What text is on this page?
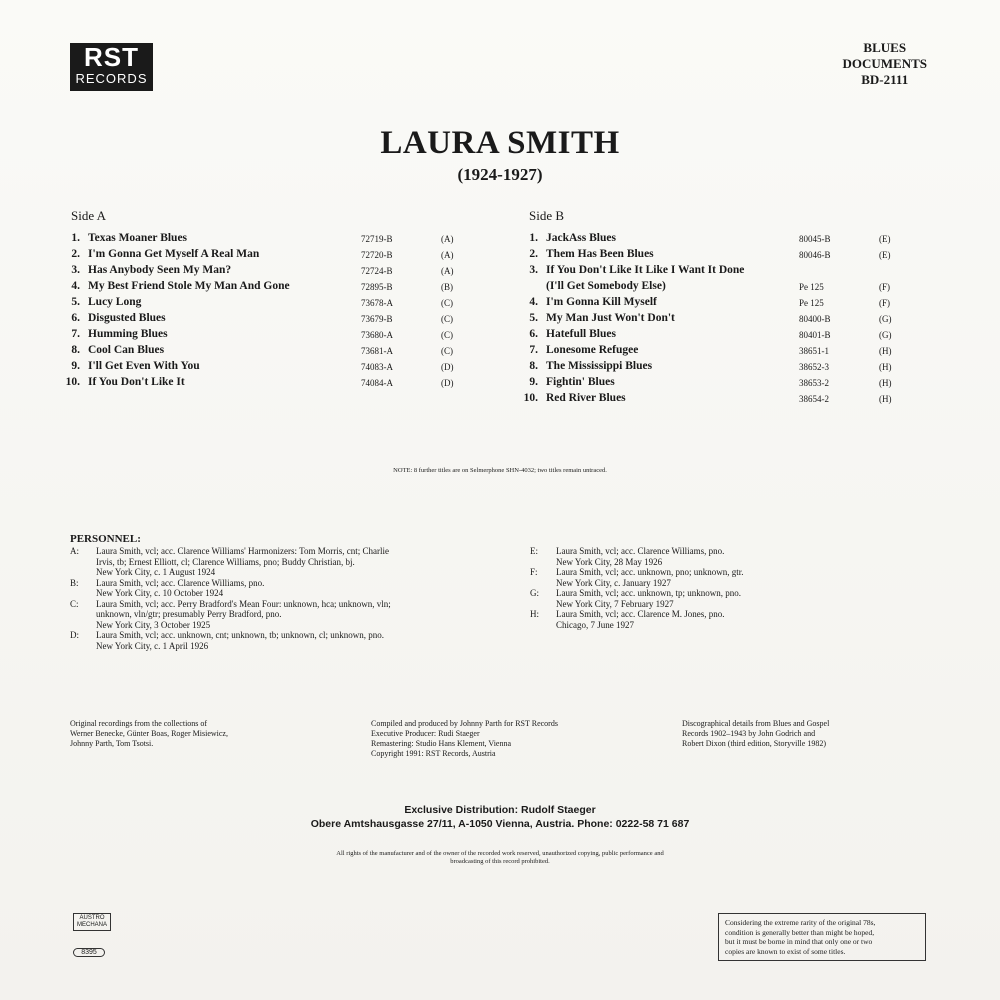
RST
RECORDS
BLUES
DOCUMENTS
BD-2111
LAURA SMITH
(1924-1927)
Side A	Side B
1. Texas Moaner Blues	72719-B	(A)
2. I'm Gonna Get Myself A Real Man	72720-B	(A)
3. Has Anybody Seen My Man?	72724-B	(A)
4. My Best Friend Stole My Man And Gone	72895-B	(B)
5. Lucy Long	73678-A	(C)
6. Disgusted Blues	73679-B	(C)
7. Humming Blues	73680-A	(C)
8. Cool Can Blues	73681-A	(C)
9. I'll Get Even With You	74083-A	(D)
10. If You Don't Like It	74084-A	(D)
1. JackAss Blues	80045-B	(E)
2. Them Has Been Blues	80046-B	(E)
3. If You Don't Like It Like I Want It Done
(I'll Get Somebody Else)	Pe 125	(F)
4. I'm Gonna Kill Myself	Pe 125	(F)
5. My Man Just Won't Don't	80400-B	(G)
6. Hatefull Blues	80401-B	(G)
7. Lonesome Refugee	38651-1	(H)
8. The Mississippi Blues	38652-3	(H)
9. Fightin' Blues	38653-2	(H)
10. Red River Blues	38654-2	(H)
NOTE: 8 further titles are on Selmerphone SHN-4032; two titles remain untraced.
PERSONNEL:
A: Laura Smith, vcl; acc. Clarence Williams' Harmonizers: Tom Morris, cnt; Charlie
Irvis, tb; Ernest Elliott, cl; Clarence Williams, pno; Buddy Christian, bj.
New York City, c. 1 August 1924
B: Laura Smith, vcl; acc. Clarence Williams, pno.
New York City, c. 10 October 1924
C: Laura Smith, vcl; acc. Perry Bradford's Mean Four: unknown, hca; unknown, vln;
unknown, vln/gtr; presumably Perry Bradford, pno.
New York City, 3 October 1925
D: Laura Smith, vcl; acc. unknown, cnt; unknown, tb; unknown, cl; unknown, pno.
New York City, c. 1 April 1926
E: Laura Smith, vcl; acc. Clarence Williams, pno.
New York City, 28 May 1926
F: Laura Smith, vcl; acc. unknown, pno; unknown, gtr.
New York City, c. January 1927
G: Laura Smith, vcl; acc. unknown, tp; unknown, pno.
New York City, 7 February 1927
H: Laura Smith, vcl; acc. Clarence M. Jones, pno.
Chicago, 7 June 1927
Original recordings from the collections of
Werner Benecke, Günter Boas, Roger Misiewicz,
Johnny Parth, Tom Tsotsi.
Compiled and produced by Johnny Parth for RST Records
Executive Producer: Rudi Staeger
Remastering: Studio Hans Klement, Vienna
Copyright 1991: RST Records, Austria
Discographical details from Blues and Gospel
Records 1902–1943 by John Godrich and
Robert Dixon (third edition, Storyville 1982)
Exclusive Distribution: Rudolf Staeger
Obere Amtshausgasse 27/11, A-1050 Vienna, Austria. Phone: 0222-58 71 687
All rights of the manufacturer and of the owner of the recorded work reserved, unauthorized copying, public performance and
broadcasting of this record prohibited.
AUSTRO
MECHANA
8395
Considering the extreme rarity of the original 78s,
condition is generally better than might be hoped,
but it must be borne in mind that only one or two
copies are known to exist of some titles.
